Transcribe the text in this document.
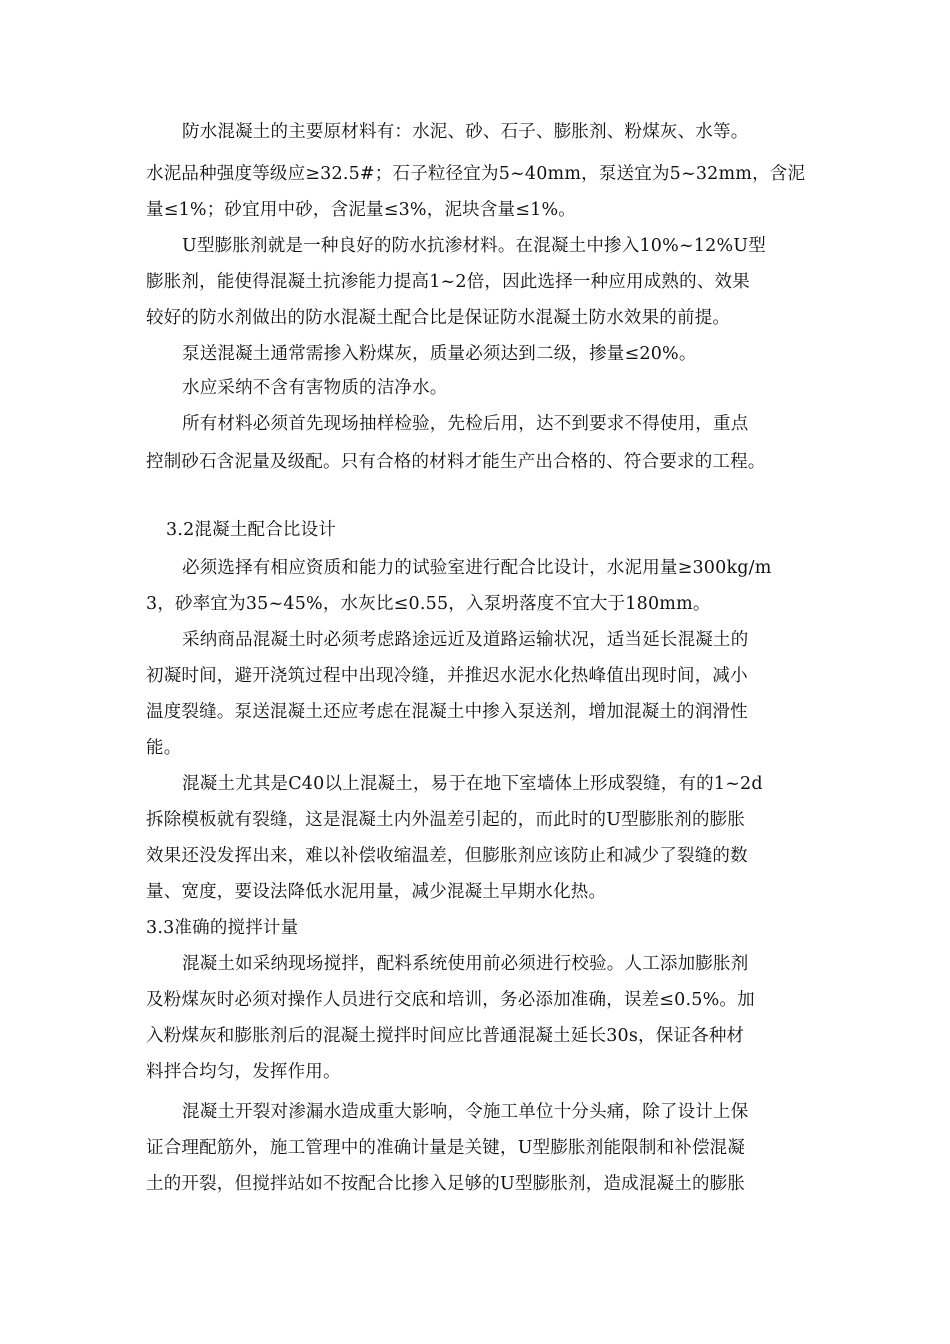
防水混凝土的主要原材料有：水泥、砂、石子、膨胀剂、粉煤灰、水等。
水泥品种强度等级应≥32.5#；石子粒径宜为5~40mm，泵送宜为5~32mm，含泥
量≤1%；砂宜用中砂，含泥量≤3%，泥块含量≤1%。
U型膨胀剂就是一种良好的防水抗渗材料。在混凝土中掺入10%~12%U型
膨胀剂，能使得混凝土抗渗能力提高1~2倍，因此选择一种应用成熟的、效果
较好的防水剂做出的防水混凝土配合比是保证防水混凝土防水效果的前提。
泵送混凝土通常需掺入粉煤灰，质量必须达到二级，掺量≤20%。
水应采纳不含有害物质的洁净水。
所有材料必须首先现场抽样检验，先检后用，达不到要求不得使用，重点
控制砂石含泥量及级配。只有合格的材料才能生产出合格的、符合要求的工程。
3.2混凝土配合比设计
必须选择有相应资质和能力的试验室进行配合比设计，水泥用量≥300kg/m
3，砂率宜为35~45%，水灰比≤0.55，入泵坍落度不宜大于180mm。
采纳商品混凝土时必须考虑路途远近及道路运输状况，适当延长混凝土的
初凝时间，避开浇筑过程中出现冷缝，并推迟水泥水化热峰值出现时间，减小
温度裂缝。泵送混凝土还应考虑在混凝土中掺入泵送剂，增加混凝土的润滑性
能。
混凝土尤其是C40以上混凝土，易于在地下室墙体上形成裂缝，有的1~2d
拆除模板就有裂缝，这是混凝土内外温差引起的，而此时的U型膨胀剂的膨胀
效果还没发挥出来，难以补偿收缩温差，但膨胀剂应该防止和减少了裂缝的数
量、宽度，要设法降低水泥用量，减少混凝土早期水化热。
3.3准确的搅拌计量
混凝土如采纳现场搅拌，配料系统使用前必须进行校验。人工添加膨胀剂
及粉煤灰时必须对操作人员进行交底和培训，务必添加准确，误差≤0.5%。加
入粉煤灰和膨胀剂后的混凝土搅拌时间应比普通混凝土延长30s，保证各种材
料拌合均匀，发挥作用。
混凝土开裂对渗漏水造成重大影响，令施工单位十分头痛，除了设计上保
证合理配筋外，施工管理中的准确计量是关键，U型膨胀剂能限制和补偿混凝
土的开裂，但搅拌站如不按配合比掺入足够的U型膨胀剂，造成混凝土的膨胀
